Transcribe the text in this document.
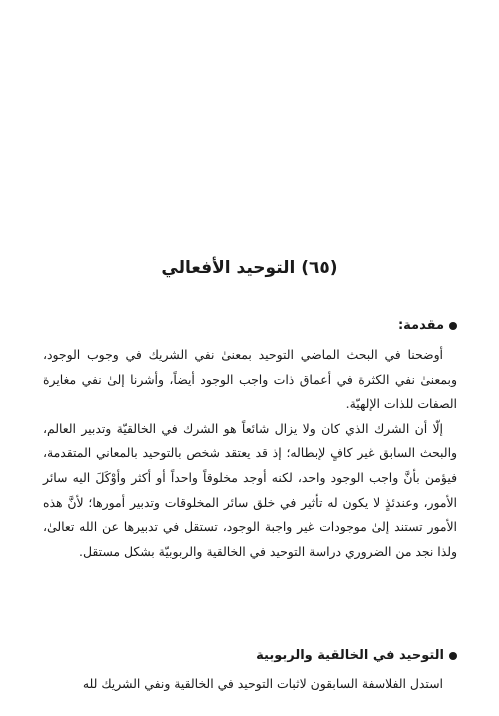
(٦٥) التوحيد الأفعالي
مقدمة:

أوضحنا في البحث الماضي التوحيد بمعنىٰ نفي الشريك في وجوب الوجود، وبمعنىٰ نفي الكثرة في أعماق ذات واجب الوجود أيضاً، وأشرنا إلىٰ نفي مغايرة الصفات للذات الإلهيّة.

إلّا أن الشرك الذي كان ولا يزال شائعاً هو الشرك في الخالقيّة وتدبير العالم، والبحث السابق غير كافٍ لإبطاله؛ إذ قد يعتقد شخص بالتوحيد بالمعاني المتقدمة، فيؤمن بأنَّ واجب الوجود واحد، لكنه أوجد مخلوقاً واحداً أو أكثر وأوْكَلَ اليه سائر الأمور، وعندئذٍ لا يكون له تأثير في خلق سائر المخلوقات وتدبير أمورها؛ لأنَّ هذه الأمور تستند إلىٰ موجودات غير واجبة الوجود، تستقل في تدبيرها عن الله تعالىٰ، ولذا نجد من الضروري دراسة التوحيد في الخالقية والربوبيّة بشكل مستقل.

التوحيد في الخالقية والربوبية

استدل الفلاسفة السابقون لاثبات التوحيد في الخالقية ونفي الشريك لله
